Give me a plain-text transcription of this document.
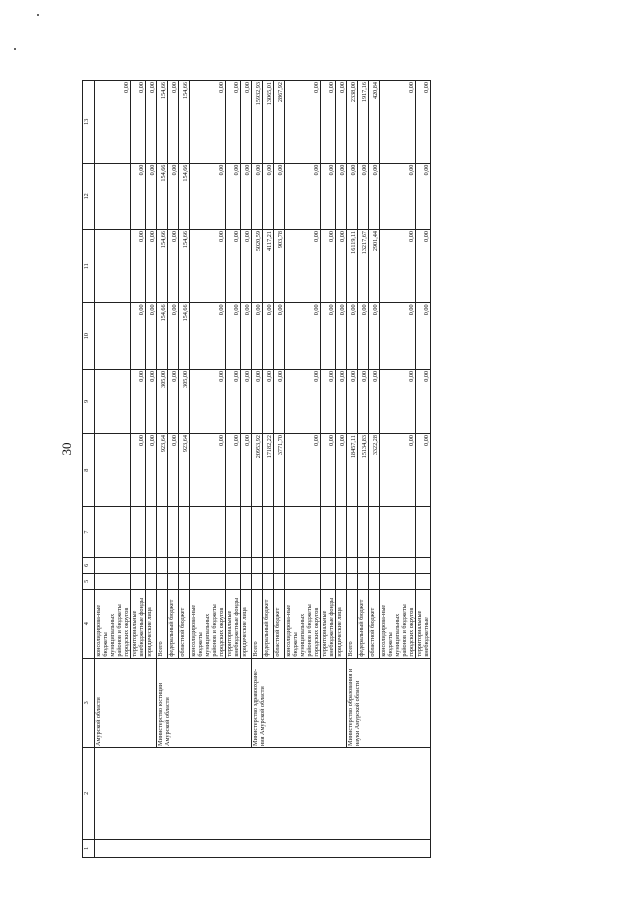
30
1	2	3	4	5	6	7	8	9	10	11	12	13
		Амурской области	консолидирова-ные бюджеты муниципальных районов и бюджеты городских округов									0,00
			территориальные внебюджетные фонды				0,00	0,00	0,00	0,00	0,00	0,00
			юридические лица				0,00	0,00	0,00	0,00	0,00	0,00
		Министерство юстиции Амурской области	Всего				923,64	305,00	154,66	154,66	154,66	154,66
			федеральный бюджет				0,00	0,00	0,00	0,00	0,00	0,00
			областной бюджет				923,64	305,00	154,66	154,66	154,66	154,66
			консолидирова-ные бюджеты муниципальных районов и бюджеты городских округов				0,00	0,00	0,00	0,00	0,00	0,00
			территориальные внебюджетные фонды				0,00	0,00	0,00	0,00	0,00	0,00
			юридические лица				0,00	0,00	0,00	0,00	0,00	0,00
		Министерство здравоохране-ния Амурской области	Всего				20953,92	0,00	0,00	5020,59	0,00	15932,93
			федеральный бюджет				17182,22	0,00	0,00	4117,21	0,00	13065,01
			областной бюджет				3771,70	0,00	0,00	903,78	0,00	2867,92
			консолидирова-ные бюджеты муниципальных районов и бюджеты городских округов				0,00	0,00	0,00	0,00	0,00	0,00
			территориальные внебюджетные фонды				0,00	0,00	0,00	0,00	0,00	0,00
			юридические лица				0,00	0,00	0,00	0,00	0,00	0,00
		Министерство образования и науки Амурской области	Всего				18457,11	0,00	0,00	16119,11	0,00	2338,00
			федеральный бюджет				15134,83	0,00	0,00	13217,67	0,00	1917,16
			областной бюджет				3322,28	0,00	0,00	2901,44	0,00	420,84
			консолидирова-ные бюджеты муниципальных районов и бюджеты городских округов				0,00	0,00	0,00	0,00	0,00	0,00
			территориальные внебюджетные				0,00	0,00	0,00	0,00	0,00	0,00
